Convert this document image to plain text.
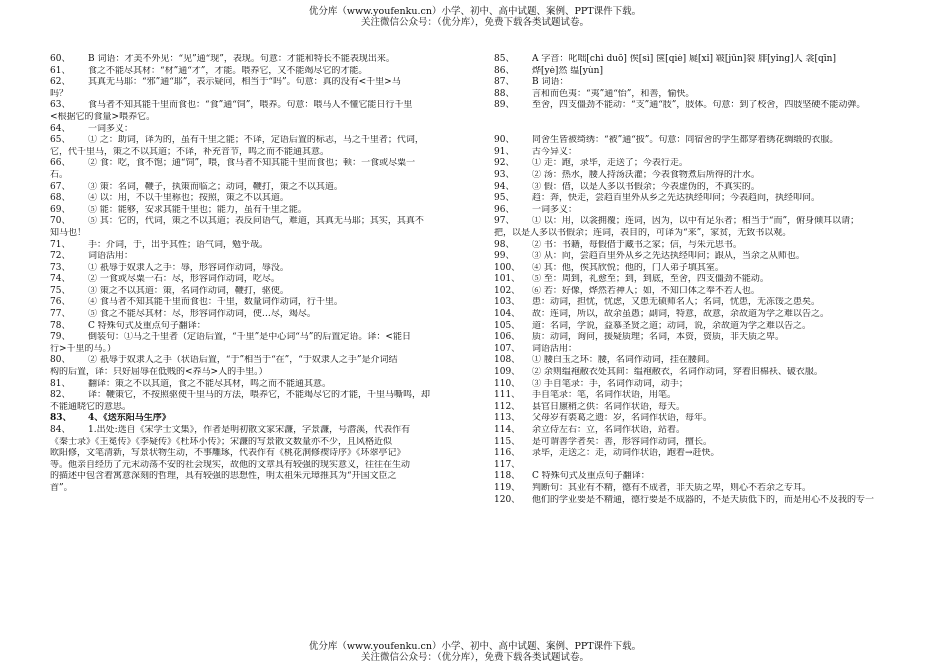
优分库（www.youfenku.cn）小学、初中、高中试题、案例、PPT课件下载。
关注微信公众号：（优分库），免费下载各类试题试卷。
60、	B 词语：才美不外见：“见”通“现”，表现。句意：才能和特长不能表现出来。
61、	食之不能尽其材：“材”通“才”，才能。喂养它，又不能竭尽它的才能。
62、	其真无马耶：“邪”通“耶”，表示疑问，相当于“吗”。句意：真的没有<千里>马
吗？
63、	食马者不知其能千里而食也：“食”通“饲”，喂养。句意：喂马人不懂它能日行千里
<根据它的食量>喂养它。
64、	一词多义：
65、	① 之：助词，译为的，虽有千里之能；不译，定语后置的标志，马之千里者；代词，
它，代千里马，策之不以其道；不译，补充音节，鸣之而不能通其意。
66、	② 食：吃，食不饱；通“饲”，喂，食马者不知其能千里而食也；顿：一食或尽粟一
石。
67、	③ 策：名词，鞭子，执策而临之；动词，鞭打，策之不以其道。
68、	④ 以：用，不以千里称也；按照，策之不以其道。
69、	⑤ 能：能够，安求其能千里也；能力，虽有千里之能。
70、	⑤ 其：它的，代词，策之不以其道；表反问语气，难道，其真无马耶；其实，其真不
知马也！
71、	手：介词，于，出乎其性；语气词，勉乎哉。
72、	词语活用：
73、	① 祇辱于奴隶人之手：辱，形容词作动词，辱没。
74、	② 一食或尽粟一石：尽，形容词作动词，吃尽。
75、	③ 策之不以其道：策，名词作动词，鞭打，驱使。
76、	④ 食马者不知其能千里而食也：千里，数量词作动词，行千里。
77、	⑤ 食之不能尽其材：尽，形容词作动词，使…尽，竭尽。
78、	C 特殊句式及重点句子翻译：
79、	倒装句：①马之千里者（定语后置，“千里”是中心词“马”的后置定语。译：<能日
行>千里的马。）
80、	② 祇辱于奴隶人之手（状语后置，“于”相当于“在”，“于奴隶人之手”是介词结
构的后置，译：只好屈辱在低贱的<养马>人的手里。）
81、	翻译：策之不以其道，食之不能尽其材，鸣之而不能通其意。
82、	译：鞭策它，不按照驱使千里马的方法，喂养它，不能竭尽它的才能，千里马嘶鸣，却
不能通晓它的意思。
83、	4、《送东阳马生序》
84、	1.出处:选自《宋学士文集》，作者是明初散文家宋濂，字景濂，号潜溪，代表作有
《秦士录》《王冕传》《李疑传》《杜环小传》；宋濂的写景散文数量亦不少，且风格近似
欧阳修，文笔清新，写景状物生动，不事雕琢，代表作有《桃花涧修禊诗序》《环翠亭记》
等。他亲自经历了元末动荡不安的社会现实，故他的文章具有较强的现实意义，往往在生动
的描述中包含着寓意深刻的哲理，具有较强的思想性，明太祖朱元璋推其为“开国文臣之
首”。
85、	A 字音：叱咄[chì duō] 俟[sì] 箧[qiè] 屣[xǐ] 皲[jūn]裂 腓[yǐng]人 衾[qīn]
86、	烨[yè]然 缊[yùn]
87、	B 词语：
88、	言和而色夷：“夷”通“怡”，和善，愉快。
89、	至舍，四支僵劲不能动：“支”通“肢”，肢体。句意：到了校舍，四肢坚硬不能动弹。

90、	同舍生皆被绮绣：“被”通“披”。句意：同宿舍的学生都穿着绣花绸缎的衣服。
91、	古今异义：
92、	① 走：跑，录毕，走送了；今表行走。
93、	② 汤：热水，腰人持汤沃灌；今表食物煮后所得的汁水。
94、	③ 假：借，以是人多以书假余；今表虚伪的，不真实的。
95、	趋：奔，快走，尝趋百里外从乡之先达执经叩问；今表趋向，执经叩问。
96、	一词多义：
97、	① 以：用，以衾拥覆；连词，因为，以中有足乐者；相当于“而”，俯身倾耳以请；
把，以是人多以书假余；连词，表目的，可译为“来”，家贫，无致书以观。
98、	② 书：书籍，每假借于藏书之家；信，与朱元思书。
99、	③ 从：向，尝趋百里外从乡之先达执经叩问；跟从，当余之从师也。
100、	④ 其：他，俟其欣悦；他的，门人弟子填其室。
101、	⑤ 至：周到，礼愈至；到，到底，至舍，四支僵劲不能动。
102、	⑥ 若：好像，烨然若神人；如，不知口体之奉不若人也。
103、	患：动词，担忧，忧虑，又患无硕师名人；名词，忧患，无冻馁之患矣。
104、	故：连词，所以，故余虽愚；副词，特意，故意，余故道为学之难以告之。
105、	道：名词，学说，益慕圣贤之道；动词，说，余故道为学之难以告之。
106、	质：动词，询问，援疑质理；名词，本资，资质，非天质之卑。
107、	词语活用：
108、	① 腰白玉之环：腰，名词作动词，挂在腰间。
109、	② 余则缊袍敝衣处其间：缊袍敝衣，名词作动词，穿着旧棉袄、破衣服。
110、	③ 手自笔录：手，名词作动词，动手；
111、	手自笔录：笔，名词作状语，用笔。
112、	县官日廪稍之供：名词作状语，每天。
113、	父母岁有裘葛之遗：岁，名词作状语，每年。
114、	余立侍左右：立，名词作状语，站着。
115、	是可谓善学者矣：善，形容词作动词，擅长。
116、	录毕，走送之：走，动词作状语，跑着→赶快。
117、
118、	C 特殊句式及重点句子翻译：
119、	判断句：其业有不精，德有不成者，非天质之卑，则心不若余之专耳。
120、	他们的学业要是不精通，德行要是不成器的，不是天质低下的，而是用心不及我的专一
优分库（www.youfenku.cn）小学、初中、高中试题、案例、PPT课件下载。
关注微信公众号：（优分库），免费下载各类试题试卷。
